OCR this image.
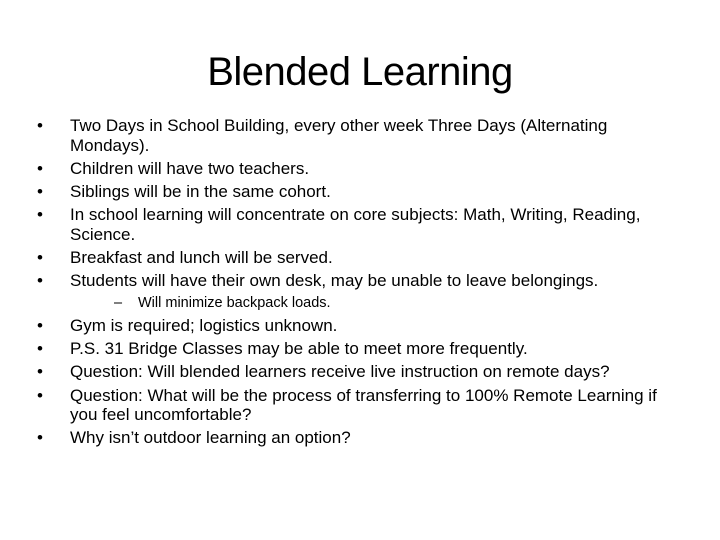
Blended Learning
• Two Days in School Building, every other week Three Days (Alternating Mondays).
• Children will have two teachers.
• Siblings will be in the same cohort.
• In school learning will concentrate on core subjects: Math, Writing, Reading, Science.
• Breakfast and lunch will be served.
• Students will have their own desk, may be unable to leave belongings.
– Will minimize backpack loads.
• Gym is required; logistics unknown.
• P.S. 31 Bridge Classes may be able to meet more frequently.
• Question: Will blended learners receive live instruction on remote days?
• Question: What will be the process of transferring to 100% Remote Learning if you feel uncomfortable?
• Why isn’t outdoor learning an option?
